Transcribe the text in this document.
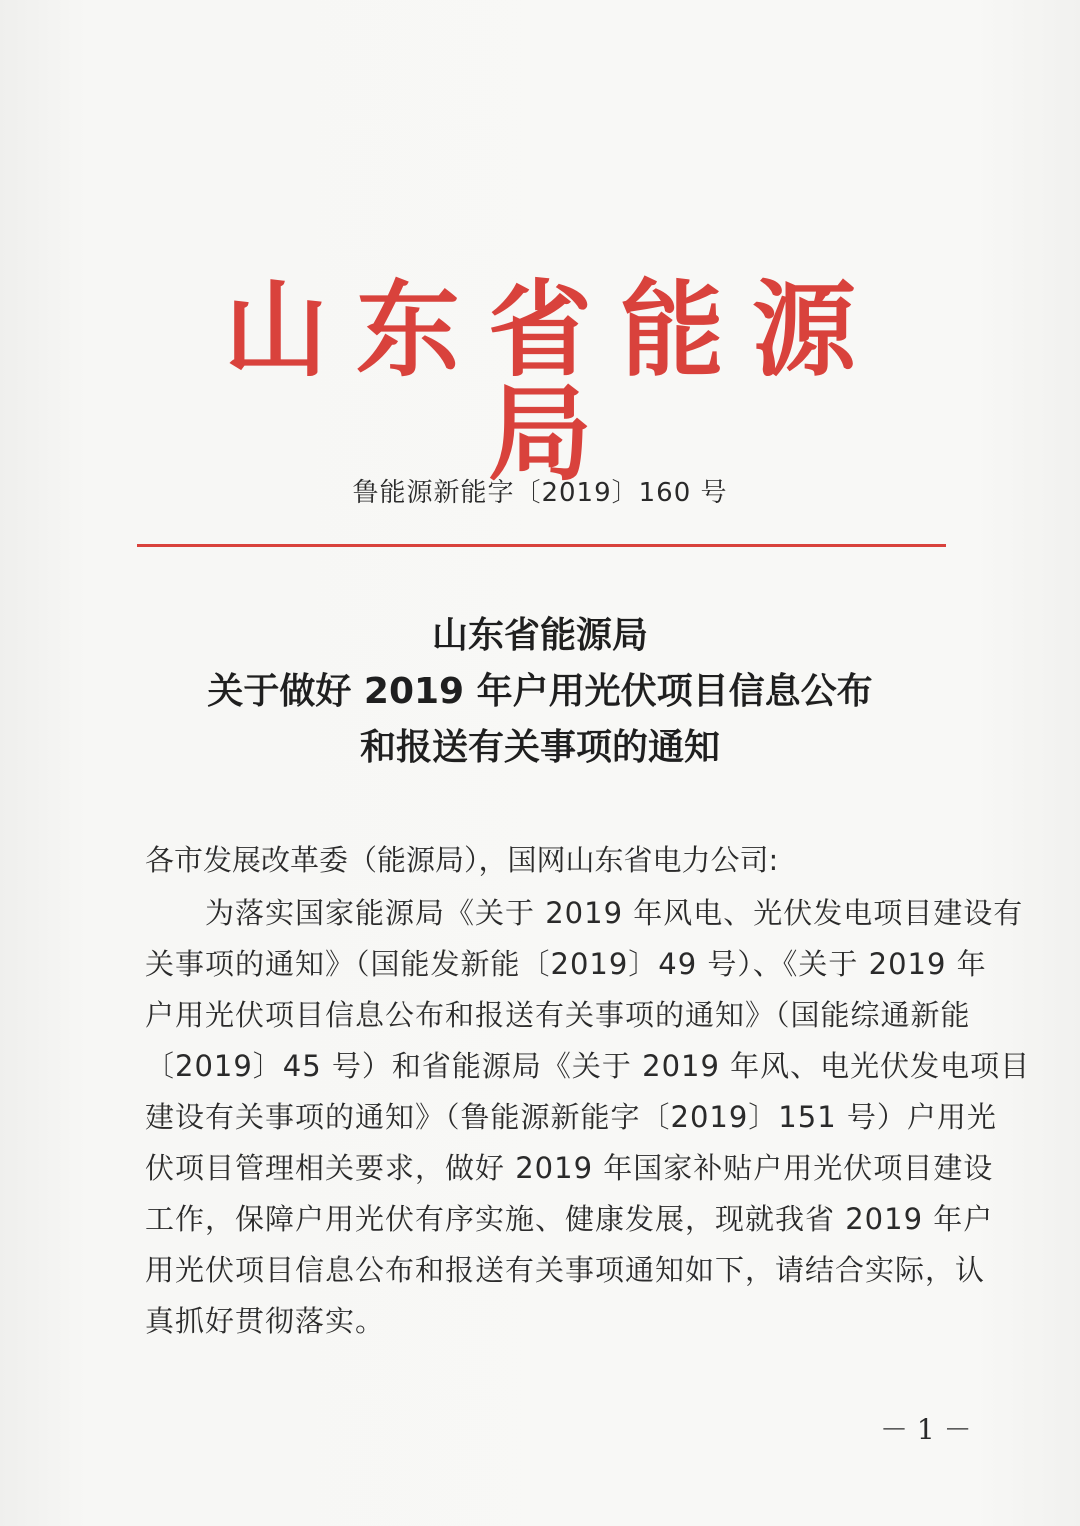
山东省能源局
鲁能源新能字〔2019〕160 号
山东省能源局
关于做好 2019 年户用光伏项目信息公布
和报送有关事项的通知
各市发展改革委（能源局），国网山东省电力公司:
　　为落实国家能源局《关于 2019 年风电、光伏发电项目建设有
关事项的通知》（国能发新能〔2019〕49 号）、《关于 2019 年
户用光伏项目信息公布和报送有关事项的通知》（国能综通新能
〔2019〕45 号）和省能源局《关于 2019 年风、电光伏发电项目
建设有关事项的通知》（鲁能源新能字〔2019〕151 号）户用光
伏项目管理相关要求，做好 2019 年国家补贴户用光伏项目建设
工作，保障户用光伏有序实施、健康发展，现就我省 2019 年户
用光伏项目信息公布和报送有关事项通知如下，请结合实际，认
真抓好贯彻落实。
－ 1 －
